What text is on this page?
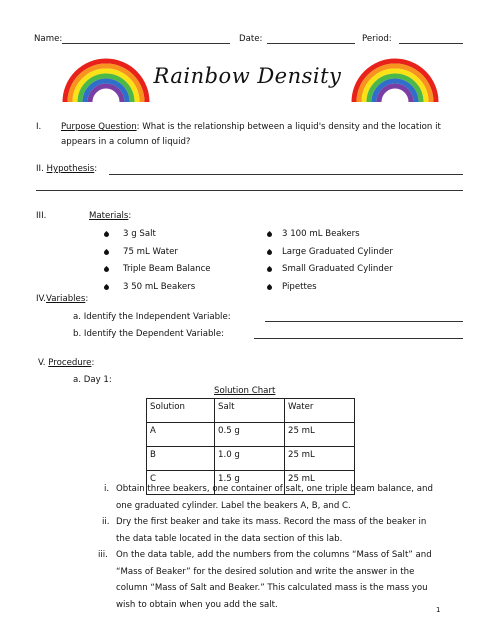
Name:	Date:	Period:
Rainbow Density
I. Purpose Question: What is the relationship between a liquid's density and the location it
appears in a column of liquid?
II. Hypothesis:
III.	Materials:
3 g Salt
75 mL Water
Triple Beam Balance
3 50 mL Beakers
3 100 mL Beakers
Large Graduated Cylinder
Small Graduated Cylinder
Pipettes
IV.Variables:
a. Identify the Independent Variable:
b. Identify the Dependent Variable:
V. Procedure:
a. Day 1:
Solution Chart
Solution	Salt	Water
A	0.5 g	25 mL
B	1.0 g	25 mL
C	1.5 g	25 mL
i. Obtain three beakers, one container of salt, one triple beam balance, and
one graduated cylinder. Label the beakers A, B, and C.
ii. Dry the first beaker and take its mass. Record the mass of the beaker in
the data table located in the data section of this lab.
iii. On the data table, add the numbers from the columns “Mass of Salt” and
“Mass of Beaker” for the desired solution and write the answer in the
column “Mass of Salt and Beaker.” This calculated mass is the mass you
wish to obtain when you add the salt.	1
